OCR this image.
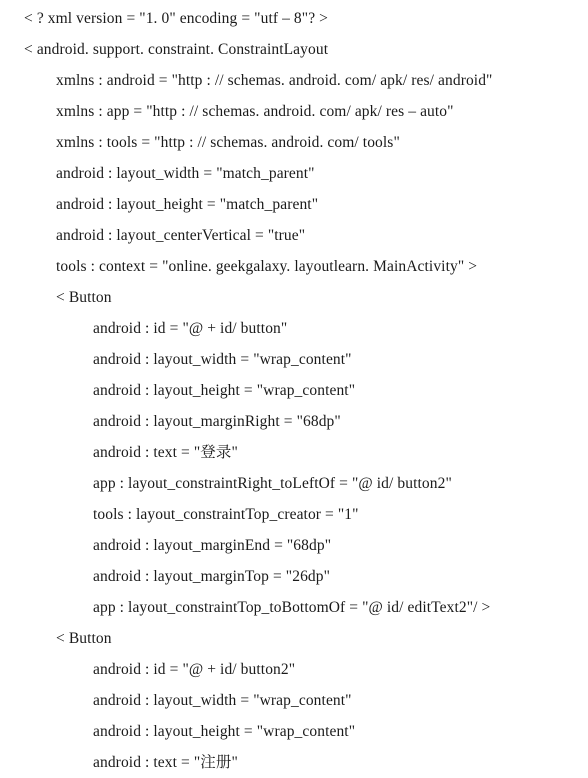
< ? xml version = "1. 0" encoding = "utf – 8"? >
< android. support. constraint. ConstraintLayout
xmlns : android = "http : // schemas. android. com/ apk/ res/ android"
xmlns : app = "http : // schemas. android. com/ apk/ res – auto"
xmlns : tools = "http : // schemas. android. com/ tools"
android : layout_width = "match_parent"
android : layout_height = "match_parent"
android : layout_centerVertical = "true"
tools : context = "online. geekgalaxy. layoutlearn. MainActivity" >
< Button
android : id = "@ + id/ button"
android : layout_width = "wrap_content"
android : layout_height = "wrap_content"
android : layout_marginRight = "68dp"
android : text = "登录"
app : layout_constraintRight_toLeftOf = "@ id/ button2"
tools : layout_constraintTop_creator = "1"
android : layout_marginEnd = "68dp"
android : layout_marginTop = "26dp"
app : layout_constraintTop_toBottomOf = "@ id/ editText2"/ >
< Button
android : id = "@ + id/ button2"
android : layout_width = "wrap_content"
android : layout_height = "wrap_content"
android : text = "注册"
